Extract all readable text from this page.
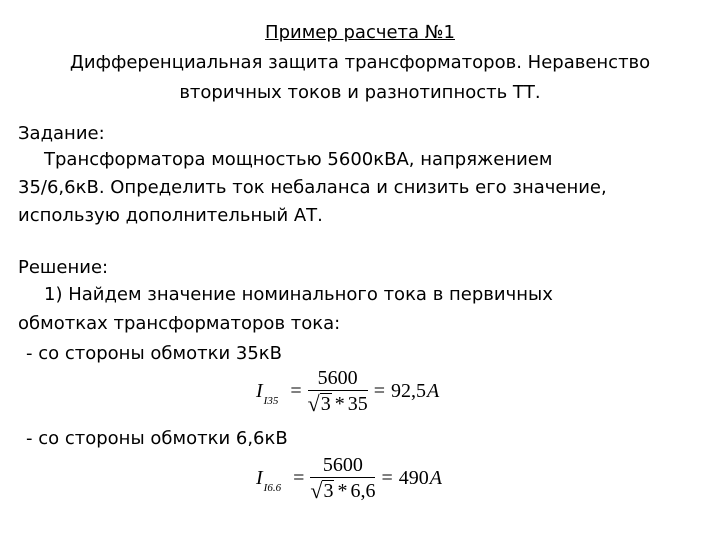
Пример расчета №1
Дифференциальная защита трансформаторов. Неравенство
вторичных токов и разнотипность ТТ.
Задание:
Трансформатора мощностью 5600кВА, напряжением
35/6,6кВ. Определить ток небаланса и снизить его значение,
использую дополнительный АТ.
Решение:
1) Найдем значение номинального тока в первичных
обмотках трансформаторов тока:
- со стороны обмотки 35кВ
I $I35 = \frac{5600}{√ 3 * 35} = 92,5A$
- со стороны обмотки 6,6кВ
I $I6.6 = \frac{5600}{√ 3 * 6,6} = 490A$
